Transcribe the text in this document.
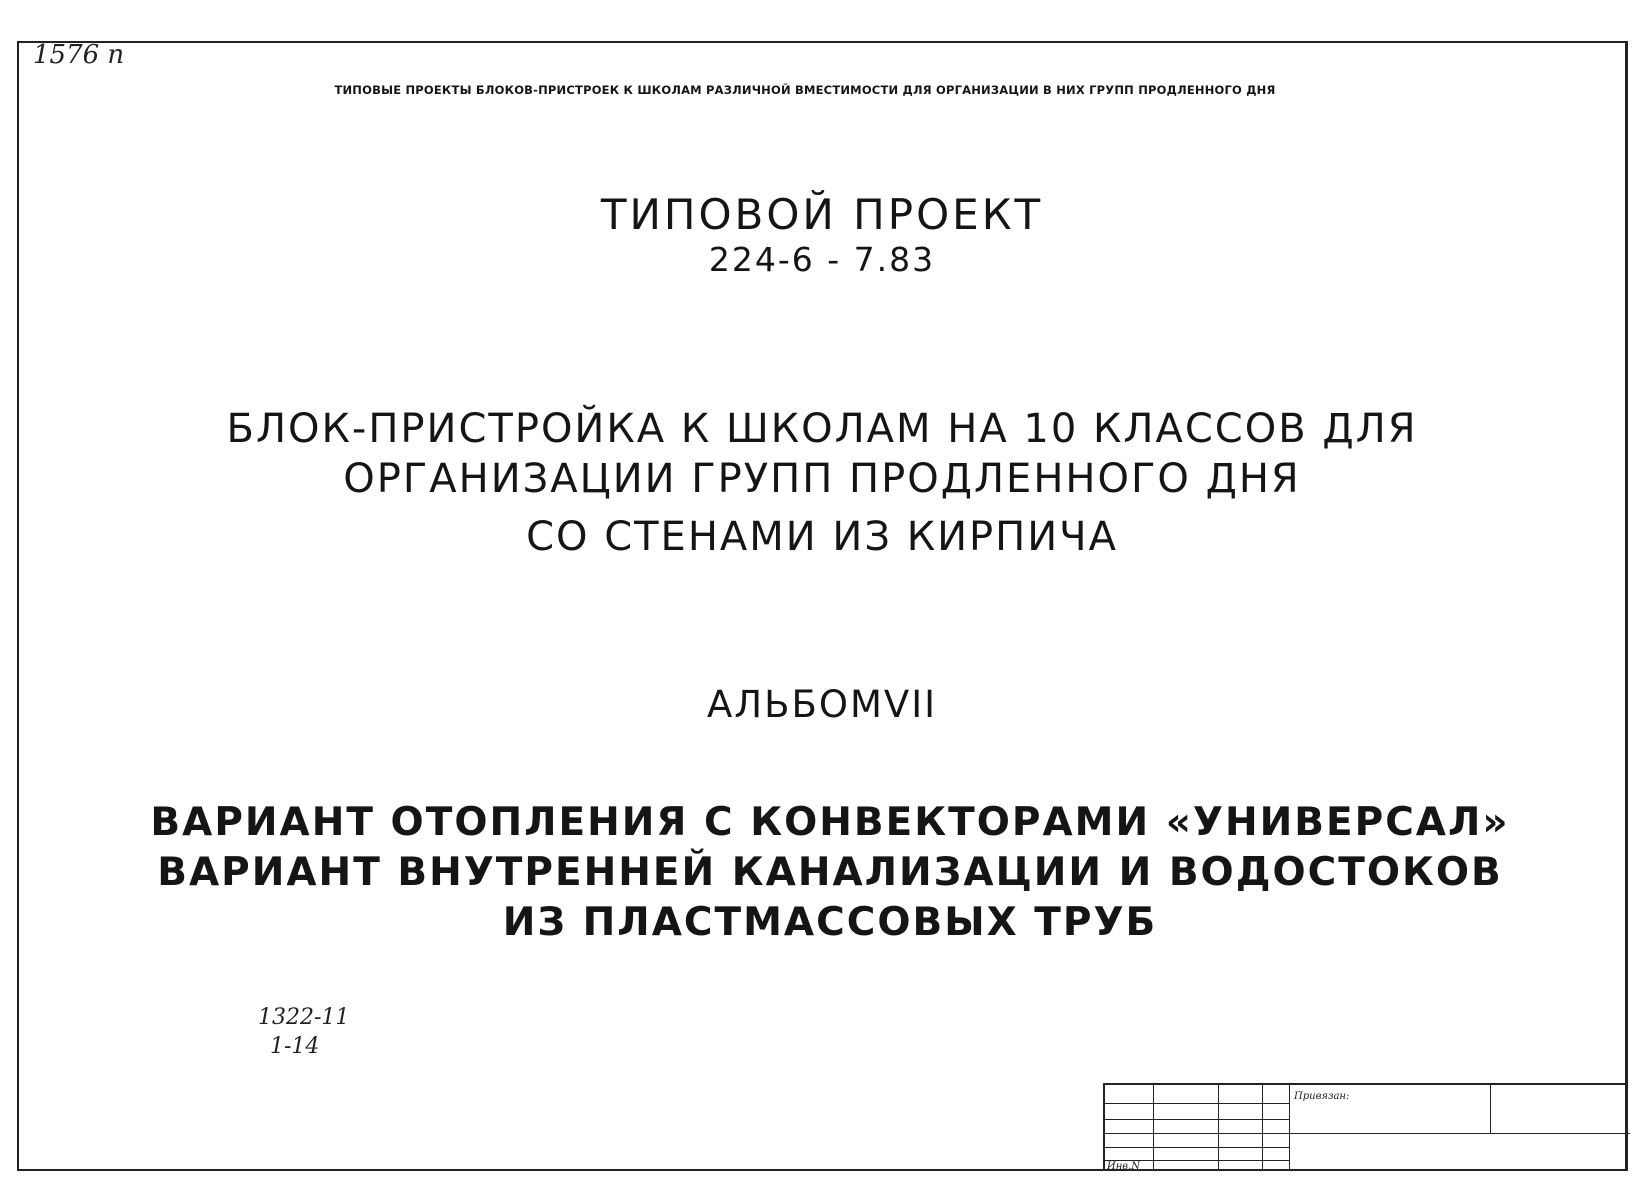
1576 п
ТИПОВЫЕ ПРОЕКТЫ БЛОКОВ-ПРИСТРОЕК К ШКОЛАМ РАЗЛИЧНОЙ ВМЕСТИМОСТИ ДЛЯ ОРГАНИЗАЦИИ В НИХ ГРУПП ПРОДЛЕННОГО ДНЯ
ТИПОВОЙ ПРОЕКТ
224-6 - 7.83
БЛОК-ПРИСТРОЙКА К ШКОЛАМ НА 10 КЛАССОВ ДЛЯ
ОРГАНИЗАЦИИ ГРУПП ПРОДЛЕННОГО ДНЯ
СО СТЕНАМИ ИЗ КИРПИЧА
АЛЬБОМVII
ВАРИАНТ ОТОПЛЕНИЯ С КОНВЕКТОРАМИ «УНИВЕРСАЛ»
ВАРИАНТ ВНУТРЕННЕЙ КАНАЛИЗАЦИИ И ВОДОСТОКОВ
ИЗ ПЛАСТМАССОВЫХ ТРУБ
1322-11
1-14
Привязан:
Инв.N
